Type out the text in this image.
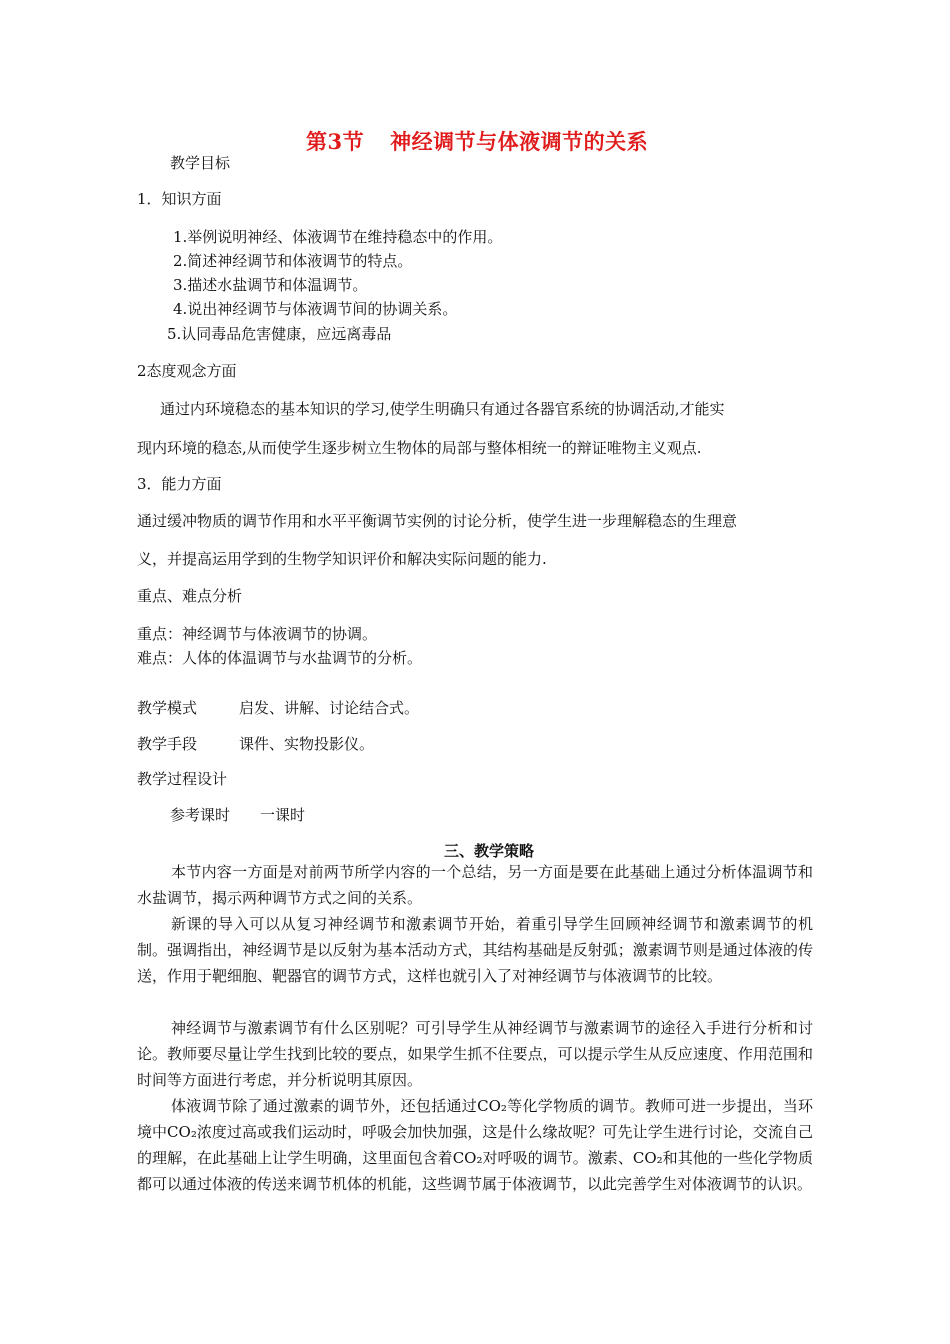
第3节 神经调节与体液调节的关系
教学目标
1．知识方面
1.举例说明神经、体液调节在维持稳态中的作用。
2.简述神经调节和体液调节的特点。
3.描述水盐调节和体温调节。
4.说出神经调节与体液调节间的协调关系。
5.认同毒品危害健康，应远离毒品
2态度观念方面
通过内环境稳态的基本知识的学习,使学生明确只有通过各器官系统的协调活动,才能实
现内环境的稳态,从而使学生逐步树立生物体的局部与整体相统一的辩证唯物主义观点.
3．能力方面
通过缓冲物质的调节作用和水平平衡调节实例的讨论分析，使学生进一步理解稳态的生理意
义，并提高运用学到的生物学知识评价和解决实际问题的能力.
重点、难点分析
重点：神经调节与体液调节的协调。
难点：人体的体温调节与水盐调节的分析。
教学模式	启发、讲解、讨论结合式。
教学手段	课件、实物投影仪。
教学过程设计
参考课时 一课时
三、教学策略
本节内容一方面是对前两节所学内容的一个总结，另一方面是要在此基础上通过分析体温调节和水盐调节，揭示两种调节方式之间的关系。
新课的导入可以从复习神经调节和激素调节开始，着重引导学生回顾神经调节和激素调节的机制。强调指出，神经调节是以反射为基本活动方式，其结构基础是反射弧；激素调节则是通过体液的传送，作用于靶细胞、靶器官的调节方式，这样也就引入了对神经调节与体液调节的比较。
神经调节与激素调节有什么区别呢？可引导学生从神经调节与激素调节的途径入手进行分析和讨论。教师要尽量让学生找到比较的要点，如果学生抓不住要点，可以提示学生从反应速度、作用范围和时间等方面进行考虑，并分析说明其原因。
体液调节除了通过激素的调节外，还包括通过CO₂等化学物质的调节。教师可进一步提出，当环境中CO₂浓度过高或我们运动时，呼吸会加快加强，这是什么缘故呢？可先让学生进行讨论，交流自己的理解，在此基础上让学生明确，这里面包含着CO₂对呼吸的调节。激素、CO₂和其他的一些化学物质都可以通过体液的传送来调节机体的机能，这些调节属于体液调节，以此完善学生对体液调节的认识。
